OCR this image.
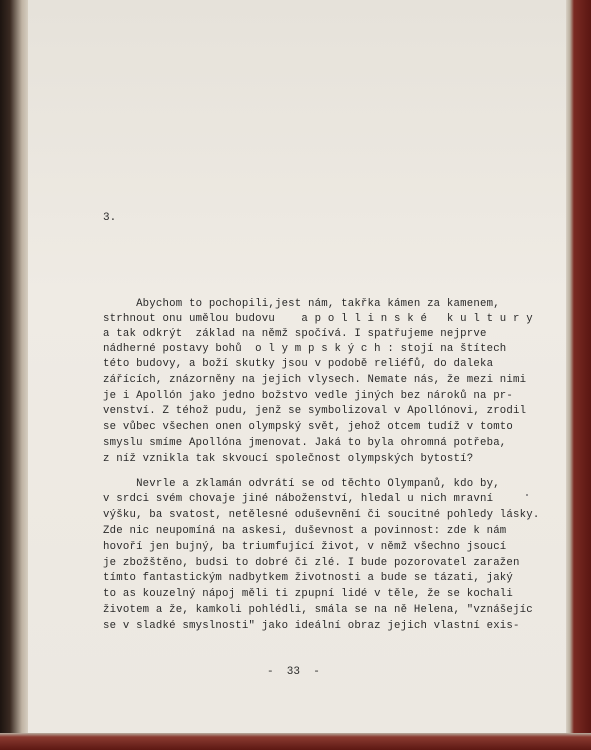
3.
Abychom to pochopili,jest nám, takřka kámen za kamenem,
strhnout onu umělou budovu    a p o l l i n s k é   k u l t u r y
a tak odkrýt  základ na němž spočívá. I spatřujeme nejprve
nádherné postavy bohů  o l y m p s k ý c h : stojí na štítech
této budovy, a boží skutky jsou v podobě reliéfů, do daleka
zářících, znázorněny na jejich vlysech. Nemate nás, že mezi nimi
je i Apollón jako jedno božstvo vedle jiných bez nároků na pr-
venství. Z téhož pudu, jenž se symbolizoval v Apollónovi, zrodil
se vůbec všechen onen olympský svět, jehož otcem tudíž v tomto
smyslu smíme Apollóna jmenovat. Jaká to byla ohromná potřeba,
z níž vznikla tak skvoucí společnost olympských bytostí?
Nevrle a zklamán odvrátí se od těchto Olympanů, kdo by,
v srdci svém chovaje jiné náboženství, hledal u nich mravní
výšku, ba svatost, netělesné oduševnění či soucitné pohledy lásky.
Zde nic neupomíná na askesi, duševnost a povinnost: zde k nám
hovoří jen bujný, ba triumfující život, v němž všechno jsoucí
je zbožštěno, budsi to dobré či zlé. I bude pozorovatel zaražen
tímto fantastickým nadbytkem životnosti a bude se tázati, jaký
to as kouzelný nápoj měli ti zpupní lidé v těle, že se kochali
životem a že, kamkoli pohlédli, smála se na ně Helena, "vznášejíc
se v sladké smyslnosti" jako ideální obraz jejich vlastní exis-
-  33  -
